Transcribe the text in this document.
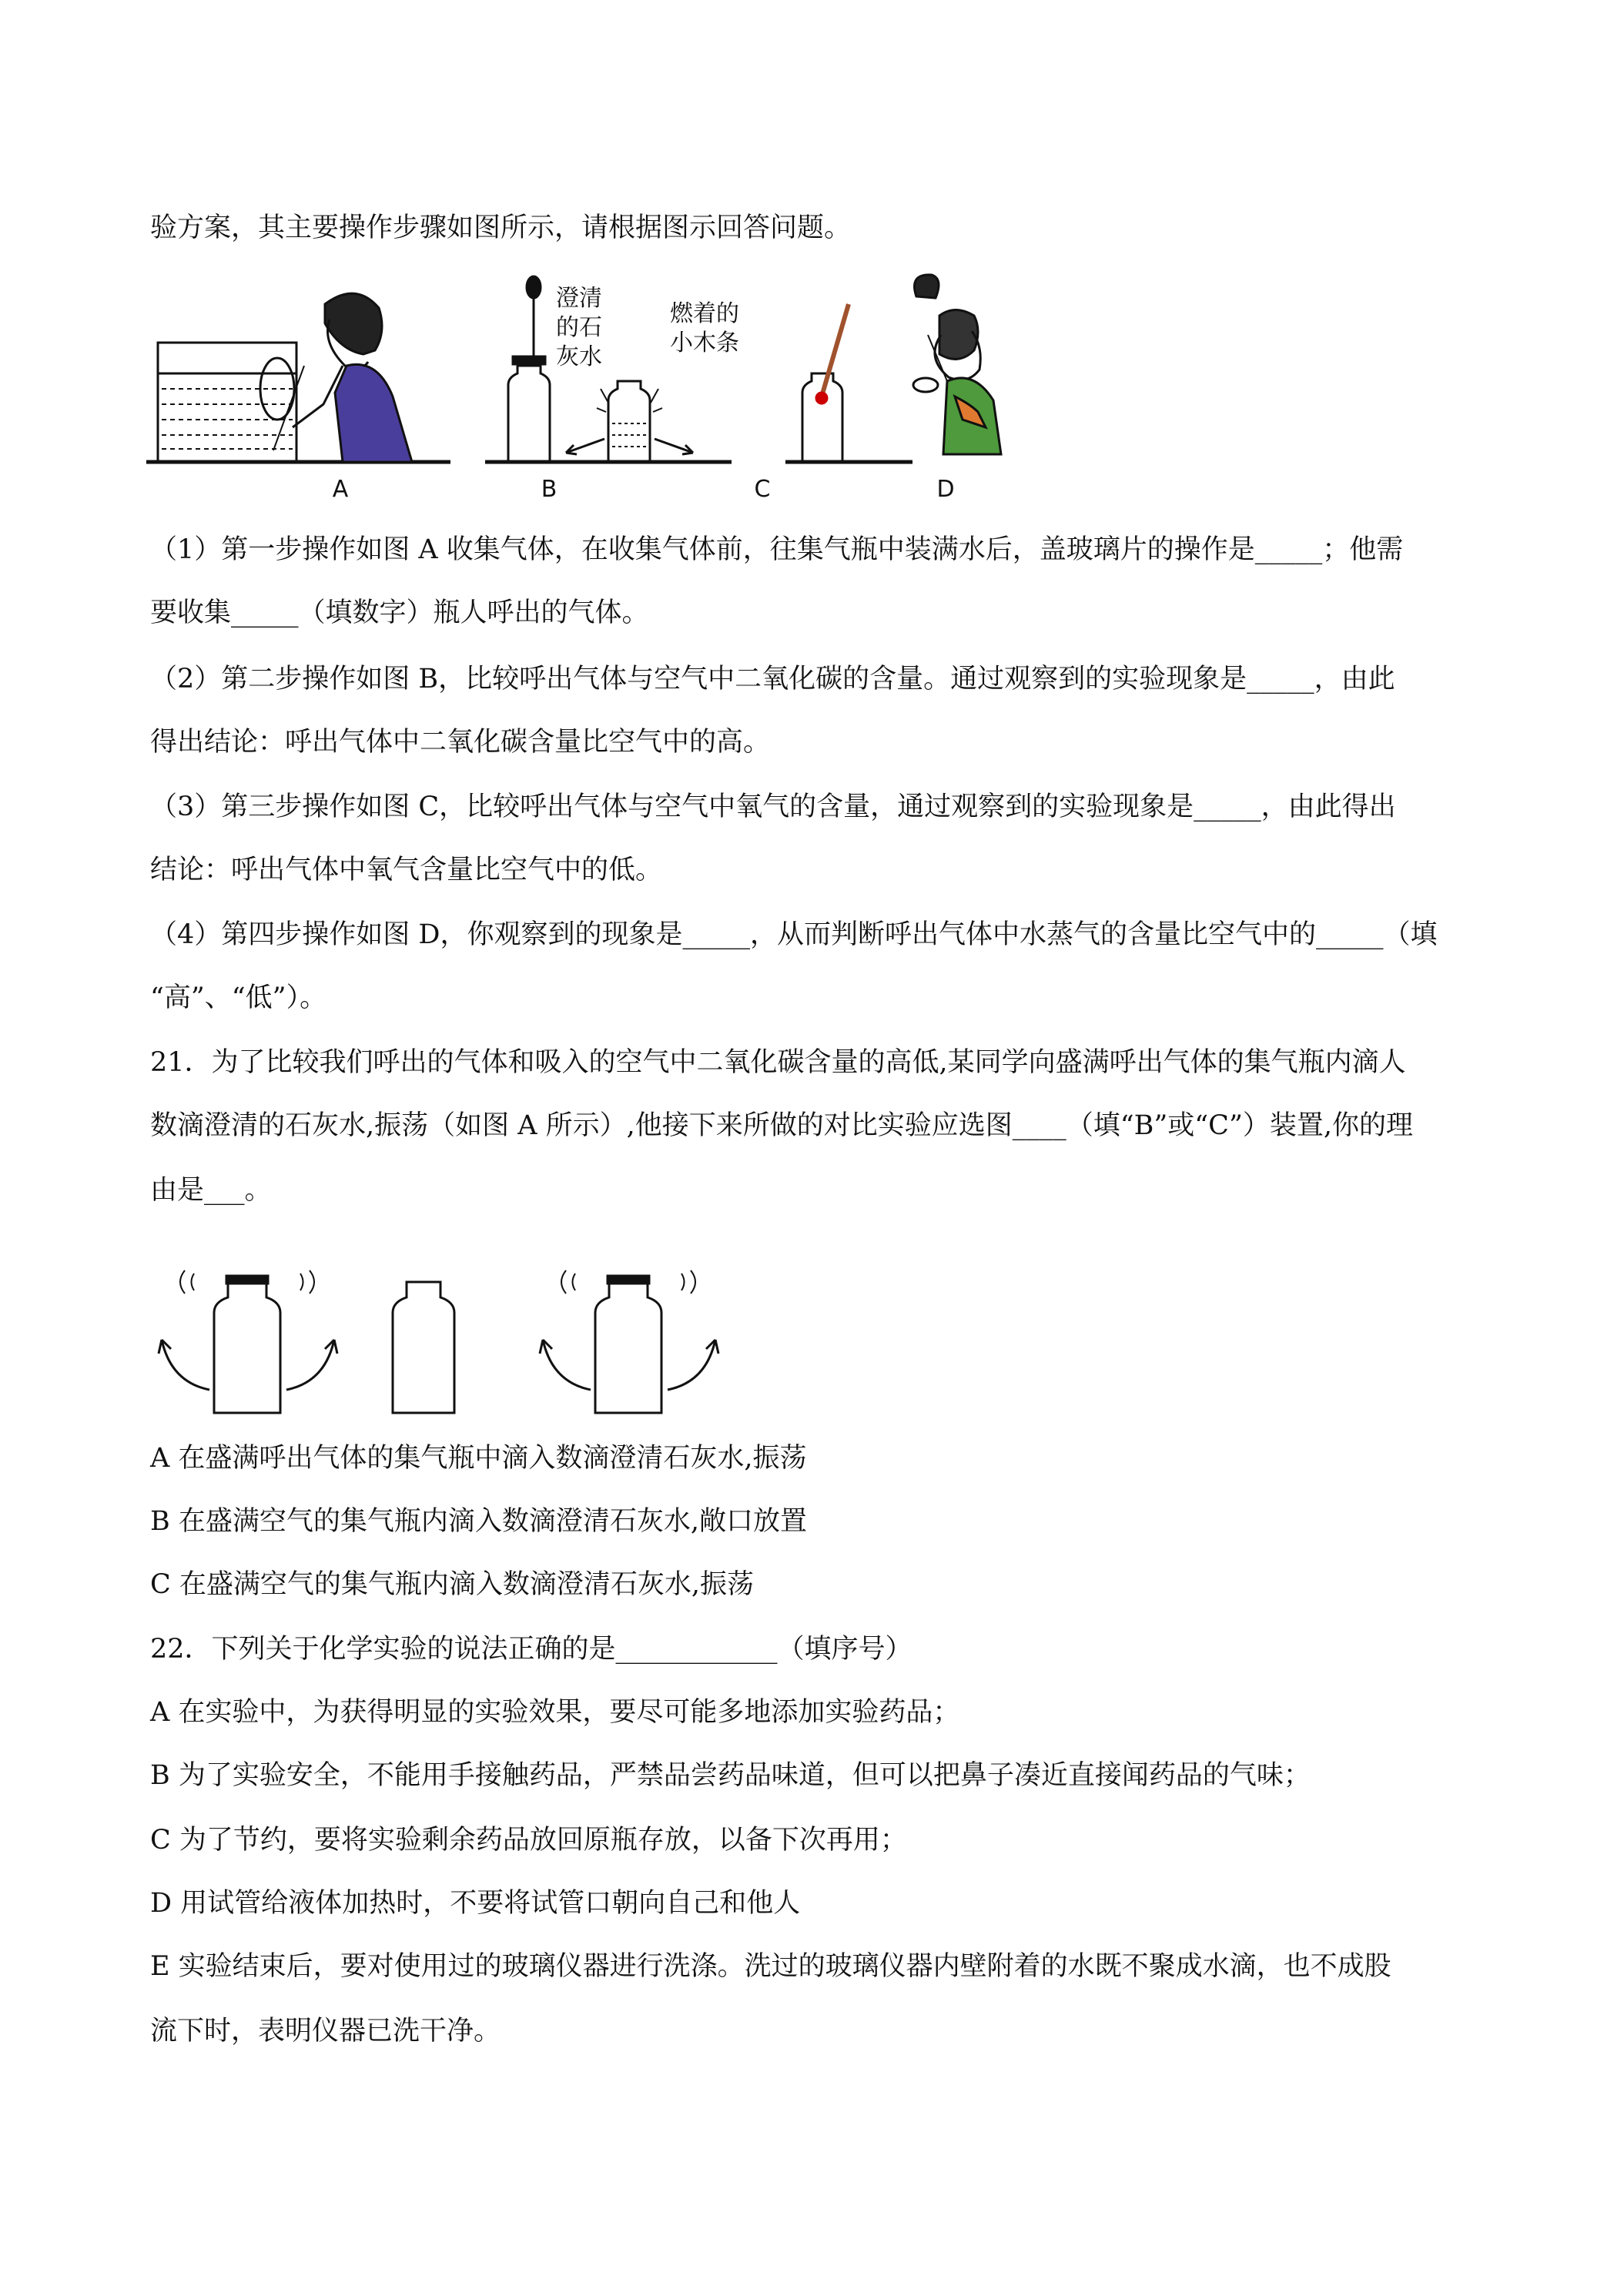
验方案，其主要操作步骤如图所示，请根据图示回答问题。
A	B	C	D
澄清
的石
灰水
燃着的
小木条
（1）第一步操作如图 A 收集气体，在收集气体前，往集气瓶中装满水后，盖玻璃片的操作是_____；他需
要收集_____（填数字）瓶人呼出的气体。
（2）第二步操作如图 B，比较呼出气体与空气中二氧化碳的含量。通过观察到的实验现象是_____，由此
得出结论：呼出气体中二氧化碳含量比空气中的高。
（3）第三步操作如图 C，比较呼出气体与空气中氧气的含量，通过观察到的实验现象是_____，由此得出
结论：呼出气体中氧气含量比空气中的低。
（4）第四步操作如图 D，你观察到的现象是_____，从而判断呼出气体中水蒸气的含量比空气中的_____（填
“高”、“低”）。
21．为了比较我们呼出的气体和吸入的空气中二氧化碳含量的高低,某同学向盛满呼出气体的集气瓶内滴人
数滴澄清的石灰水,振荡（如图 A 所示）,他接下来所做的对比实验应选图____（填“B”或“C”）装置,你的理
由是___。
A 在盛满呼出气体的集气瓶中滴入数滴澄清石灰水,振荡
B 在盛满空气的集气瓶内滴入数滴澄清石灰水,敞口放置
C 在盛满空气的集气瓶内滴入数滴澄清石灰水,振荡
22．下列关于化学实验的说法正确的是____________（填序号）
A 在实验中，为获得明显的实验效果，要尽可能多地添加实验药品；
B 为了实验安全，不能用手接触药品，严禁品尝药品味道，但可以把鼻子凑近直接闻药品的气味；
C 为了节约，要将实验剩余药品放回原瓶存放，以备下次再用；
D 用试管给液体加热时，不要将试管口朝向自己和他人
E 实验结束后，要对使用过的玻璃仪器进行洗涤。洗过的玻璃仪器内壁附着的水既不聚成水滴，也不成股
流下时，表明仪器已洗干净。
